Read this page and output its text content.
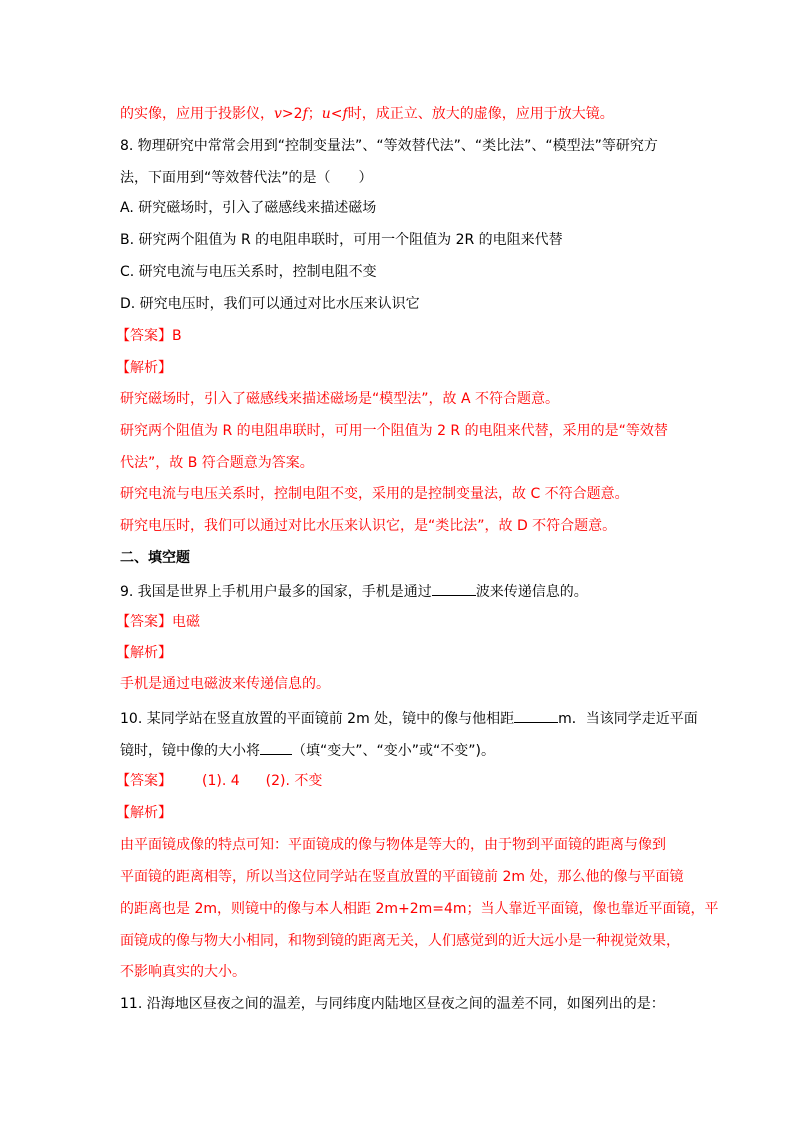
的实像，应用于投影仪，v>2f；u<f时，成正立、放大的虚像，应用于放大镜。
8. 物理研究中常常会用到“控制变量法”、“等效替代法”、“类比法”、“模型法”等研究方
法，下面用到“等效替代法”的是（　　）
A. 研究磁场时，引入了磁感线来描述磁场
B. 研究两个阻值为 R 的电阻串联时，可用一个阻值为 2R 的电阻来代替
C. 研究电流与电压关系时，控制电阻不变
D. 研究电压时，我们可以通过对比水压来认识它
【答案】B
【解析】
研究磁场时，引入了磁感线来描述磁场是“模型法”，故 A 不符合题意。
研究两个阻值为 R 的电阻串联时，可用一个阻值为 2 R 的电阻来代替，采用的是“等效替
代法”，故 B 符合题意为答案。
研究电流与电压关系时，控制电阻不变，采用的是控制变量法，故 C 不符合题意。
研究电压时，我们可以通过对比水压来认识它，是“类比法”，故 D 不符合题意。
二、填空题
9. 我国是世界上手机用户最多的国家，手机是通过	波来传递信息的。
【答案】电磁
【解析】
手机是通过电磁波来传递信息的。
10. 某同学站在竖直放置的平面镜前 2m 处，镜中的像与他相距	m．当该同学走近平面
镜时，镜中像的大小将 （填“变大”、“变小”或“不变”)。
【答案】 (1). 4 (2). 不变
【解析】
由平面镜成像的特点可知：平面镜成的像与物体是等大的，由于物到平面镜的距离与像到
平面镜的距离相等，所以当这位同学站在竖直放置的平面镜前 2m 处，那么他的像与平面镜
的距离也是 2m，则镜中的像与本人相距 2m+2m=4m；当人靠近平面镜，像也靠近平面镜，平
面镜成的像与物大小相同，和物到镜的距离无关，人们感觉到的近大远小是一种视觉效果，
不影响真实的大小。
11. 沿海地区昼夜之间的温差，与同纬度内陆地区昼夜之间的温差不同，如图列出的是：
